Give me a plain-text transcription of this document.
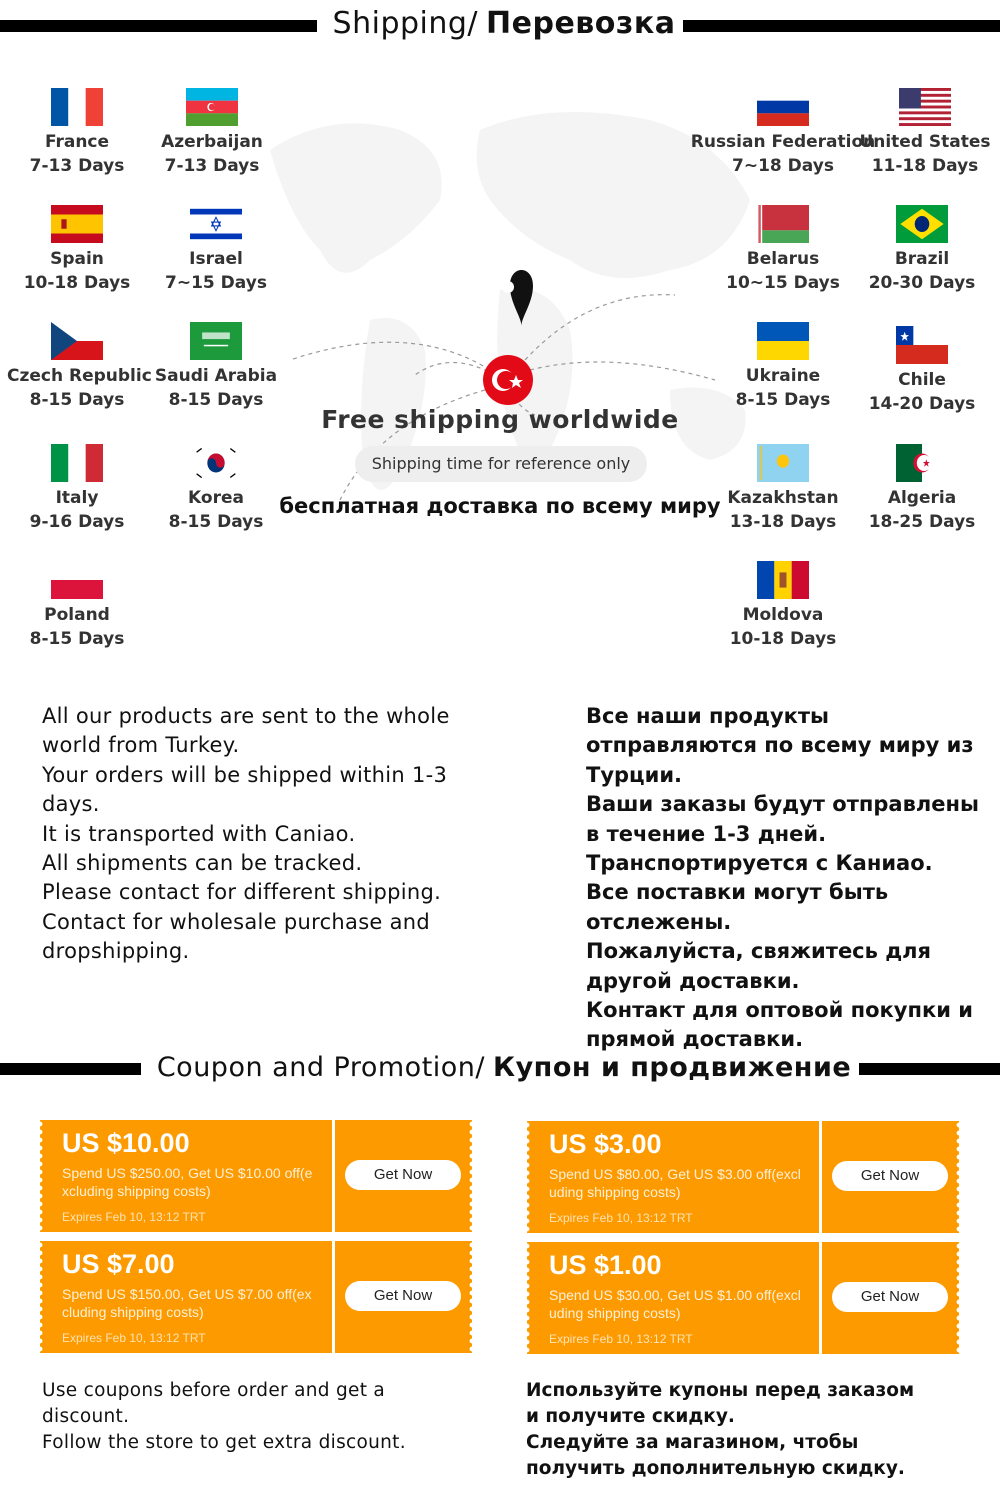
Shipping/ Перевозка
France
7-13 Days
Azerbaijan
7-13 Days
Spain
10-18 Days
Israel
7~15 Days
Czech Republic
8-15 Days
Saudi Arabia
8-15 Days
Italy
9-16 Days
Korea
8-15 Days
Poland
8-15 Days
Russian Federation
7~18 Days
United States
11-18 Days
Belarus
10~15 Days
Brazil
20-30 Days
Ukraine
8-15 Days
Chile
14-20 Days
Kazakhstan
13-18 Days
Algeria
18-25 Days
Moldova
10-18 Days
Free shipping worldwide
Shipping time for reference only
бесплатная доставка по всему миру

All our products are sent to the whole world from Turkey.

Your orders will be shipped within 1-3 days.

It is transported with Caniao.

All shipments can be tracked.

Please contact for different shipping.

Contact for wholesale purchase and dropshipping.

Все наши продукты отправляются по всему миру из Турции.

Ваши заказы будут отправлены в течение 1-3 дней.

Транспортируется с Каниао.

Все поставки могут быть отслежены.

Пожалуйста, свяжитесь для другой доставки.

Контакт для оптовой покупки и прямой доставки.

Coupon and Promotion/ Купон и продвижение
US $10.00
Spend US $250.00, Get US $10.00 off(excluding shipping costs)
Expires Feb 10, 13:12 TRT
Get Now
US $3.00
Spend US $80.00, Get US $3.00 off(excluding shipping costs)
Expires Feb 10, 13:12 TRT
Get Now
US $7.00
Spend US $150.00, Get US $7.00 off(excluding shipping costs)
Expires Feb 10, 13:12 TRT
Get Now
US $1.00
Spend US $30.00, Get US $1.00 off(excluding shipping costs)
Expires Feb 10, 13:12 TRT
Get Now

Use coupons before order and get a discount.

Follow the store to get extra discount.

Используйте купоны перед заказом и получите скидку.

Следуйте за магазином, чтобы получить дополнительную скидку.
